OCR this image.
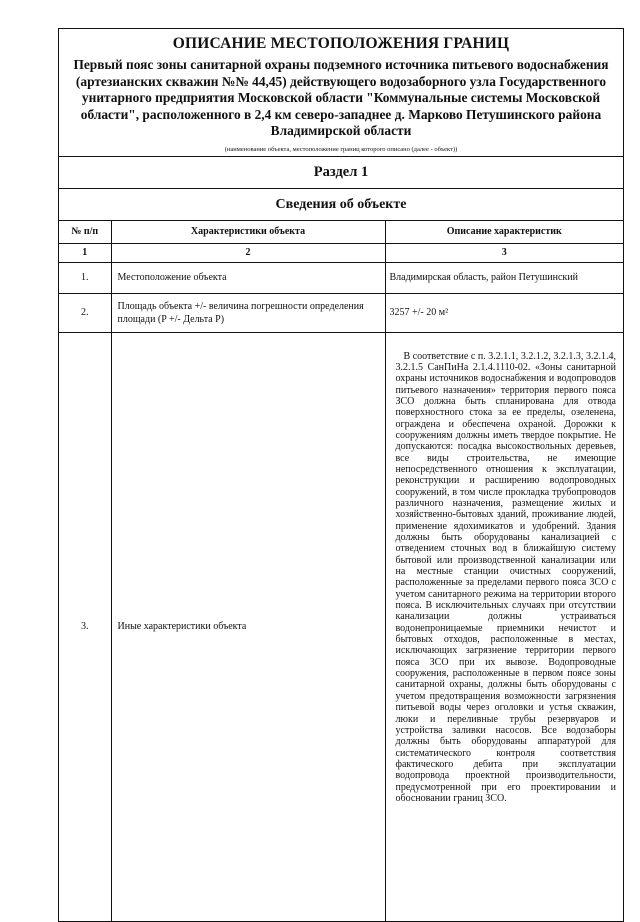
ОПИСАНИЕ МЕСТОПОЛОЖЕНИЯ ГРАНИЦ

Первый пояс зоны санитарной охраны подземного источника питьевого водоснабжения (артезианских скважин №№ 44,45) действующего водозаборного узла Государственного унитарного предприятия Московской области "Коммунальные системы Московской области", расположенного в 2,4 км северо-западнее д. Марково Петушинского района Владимирской области

(наименование объекта, местоположение границ которого описано (далее - объект))

Раздел 1
Сведения об объекте
№ п/п	Характеристики объекта	Описание характеристик
1	2	3
1.	Местоположение объекта	Владимирская область, район Петушинский
2.	Площадь объекта +/- величина погрешности определения площади (P +/- Дельта P)	3257 +/- 20 м²
3.	Иные характеристики объекта	В соответствие с п. 3.2.1.1, 3.2.1.2, 3.2.1.3, 3.2.1.4, 3.2.1.5 СанПиНа 2.1.4.1110-02. «Зоны санитарной охраны источников водоснабжения и водопроводов питьевого назначения» территория первого пояса ЗСО должна быть спланирована для отвода поверхностного стока за ее пределы, озеленена, ограждена и обеспечена охраной. Дорожки к сооружениям должны иметь твердое покрытие. Не допускаются: посадка высокоствольных деревьев, все виды строительства, не имеющие непосредственного отношения к эксплуатации, реконструкции и расширению водопроводных сооружений, в том числе прокладка трубопроводов различного назначения, размещение жилых и хозяйственно-бытовых зданий, проживание людей, применение ядохимикатов и удобрений. Здания должны быть оборудованы канализацией с отведением сточных вод в ближайшую систему бытовой или производственной канализации или на местные станции очистных сооружений, расположенные за пределами первого пояса ЗСО с учетом санитарного режима на территории второго пояса. В исключительных случаях при отсутствии канализации должны устраиваться водонепроницаемые приемники нечистот и бытовых отходов, расположенные в местах, исключающих загрязнение территории первого пояса ЗСО при их вывозе. Водопроводные сооружения, расположенные в первом поясе зоны санитарной охраны, должны быть оборудованы с учетом предотвращения возможности загрязнения питьевой воды через оголовки и устья скважин, люки и переливные трубы резервуаров и устройства заливки насосов. Все водозаборы должны быть оборудованы аппаратурой для систематического контроля соответствия фактического дебита при эксплуатации водопровода проектной производительности, предусмотренной при его проектировании и обосновании границ ЗСО.
